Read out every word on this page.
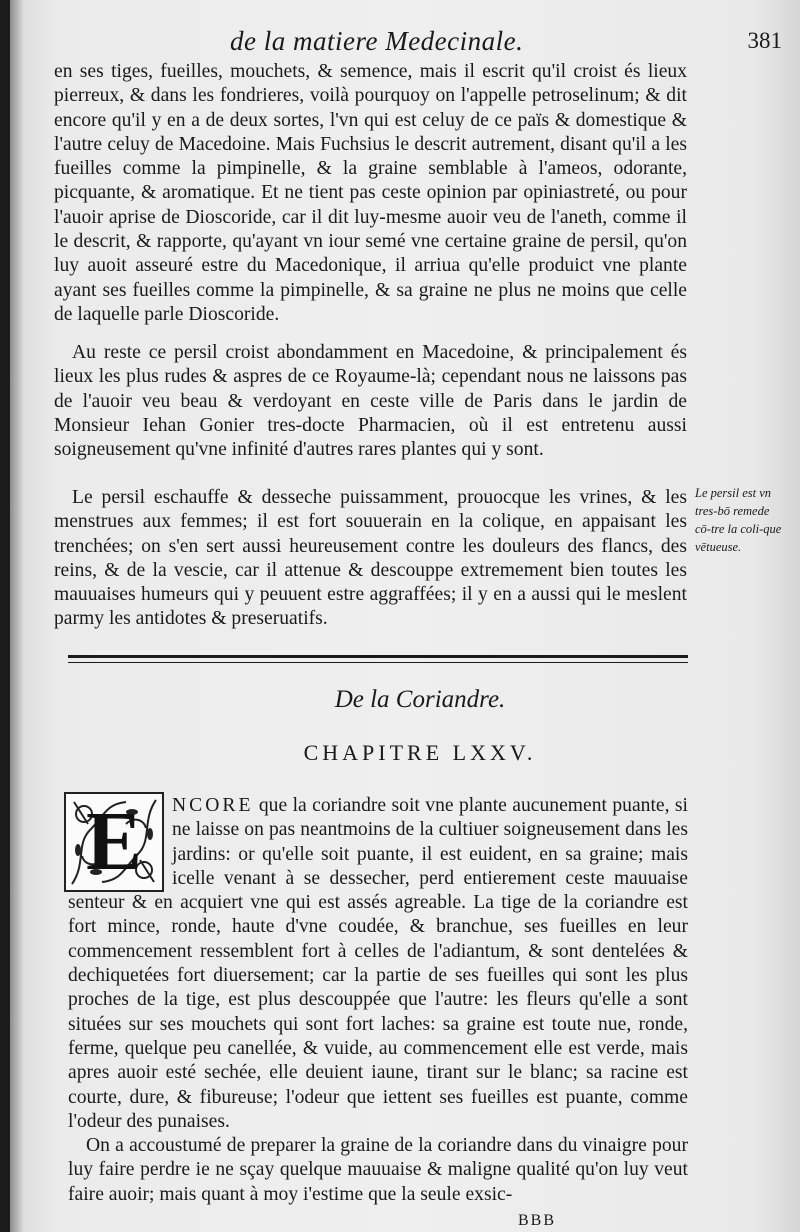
de la matiere Medecinale.	381

en ses tiges, fueilles, mouchets, & semence, mais il escrit qu'il croist és lieux pierreux, & dans les fondrieres, voilà pourquoy on l'appelle petroselinum; & dit encore qu'il y en a de deux sortes, l'vn qui est celuy de ce païs & domestique & l'autre celuy de Macedoine. Mais Fuchsius le descrit autrement, disant qu'il a les fueilles comme la pimpinelle, & la graine semblable à l'ameos, odorante, picquante, & aromatique. Et ne tient pas ceste opinion par opiniastreté, ou pour l'auoir aprise de Dioscoride, car il dit luy-mesme auoir veu de l'aneth, comme il le descrit, & rapporte, qu'ayant vn iour semé vne certaine graine de persil, qu'on luy auoit asseuré estre du Macedonique, il arriua qu'elle produict vne plante ayant ses fueilles comme la pimpinelle, & sa graine ne plus ne moins que celle de laquelle parle Dioscoride.

Au reste ce persil croist abondamment en Macedoine, & principalement és lieux les plus rudes & aspres de ce Royaume-là; cependant nous ne laissons pas de l'auoir veu beau & verdoyant en ceste ville de Paris dans le jardin de Monsieur Iehan Gonier tres-docte Pharmacien, où il est entretenu aussi soigneusement qu'vne infinité d'autres rares plantes qui y sont.

Le persil eschauffe & desseche puissamment, prouocque les vrines, & les menstrues aux femmes; il est fort souuerain en la colique, en appaisant les trenchées; on s'en sert aussi heureusement contre les douleurs des flancs, des reins, & de la vescie, car il attenue & descouppe extremement bien toutes les mauuaises humeurs qui y peuuent estre aggraffées; il y en a aussi qui le meslent parmy les antidotes & preseruatifs.

Le persil est vn tres-bō remede cō-tre la coli-que vētueuse.
De la Coriandre.
CHAPITRE LXXV.
E	NCORE que la coriandre soit vne plante aucunement puante, si ne laisse on pas neantmoins de la cultiuer soigneusement dans les jardins: or qu'elle soit puante, il est euident, en sa graine; mais icelle venant à se dessecher, perd entierement ceste mauuaise senteur & en acquiert vne qui est assés agreable. La tige de la coriandre est fort mince, ronde, haute d'vne coudée, & branchue, ses fueilles en leur commencement ressemblent fort à celles de l'adiantum, & sont dentelées & dechiquetées fort diuersement; car la partie de ses fueilles qui sont les plus proches de la tige, est plus descouppée que l'autre: les fleurs qu'elle a sont situées sur ses mouchets qui sont fort laches: sa graine est toute nue, ronde, ferme, quelque peu canellée, & vuide, au commencement elle est verde, mais apres auoir esté sechée, elle deuient iaune, tirant sur le blanc; sa racine est courte, dure, & fibureuse; l'odeur que iettent ses fueilles est puante, comme l'odeur des punaises.

On a accoustumé de preparer la graine de la coriandre dans du vinaigre pour luy faire perdre ie ne sçay quelque mauuaise & maligne qualité qu'on luy veut faire auoir; mais quant à moy i'estime que la seule exsic-

BBB
